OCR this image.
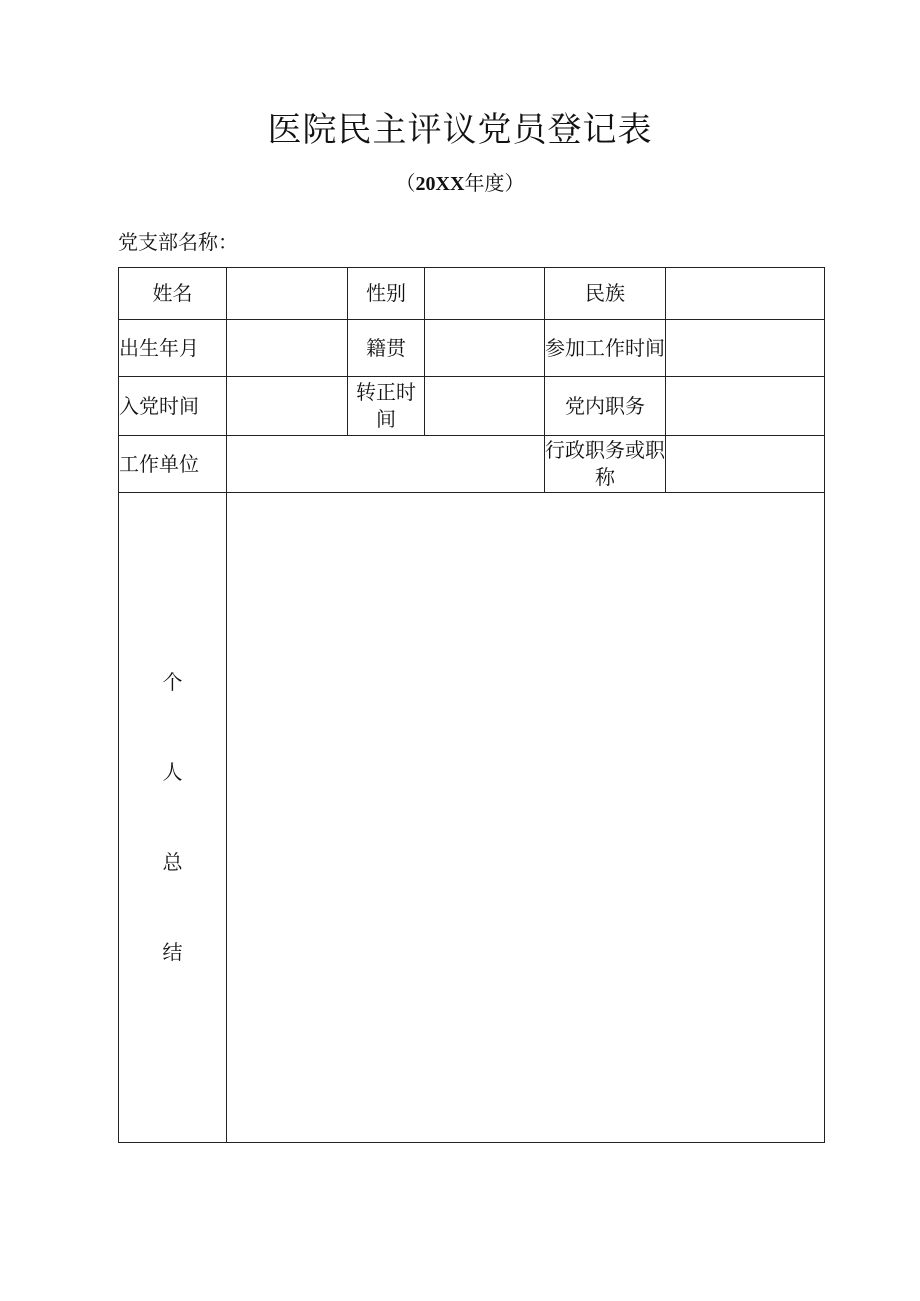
医院民主评议党员登记表
（20XX年度）
党支部名称：
姓名		性别		民族	
出生年月		籍贯		参加工作时间	
入党时间		转正时间		党内职务	
工作单位				行政职务或职称	

个
人
总
结					
